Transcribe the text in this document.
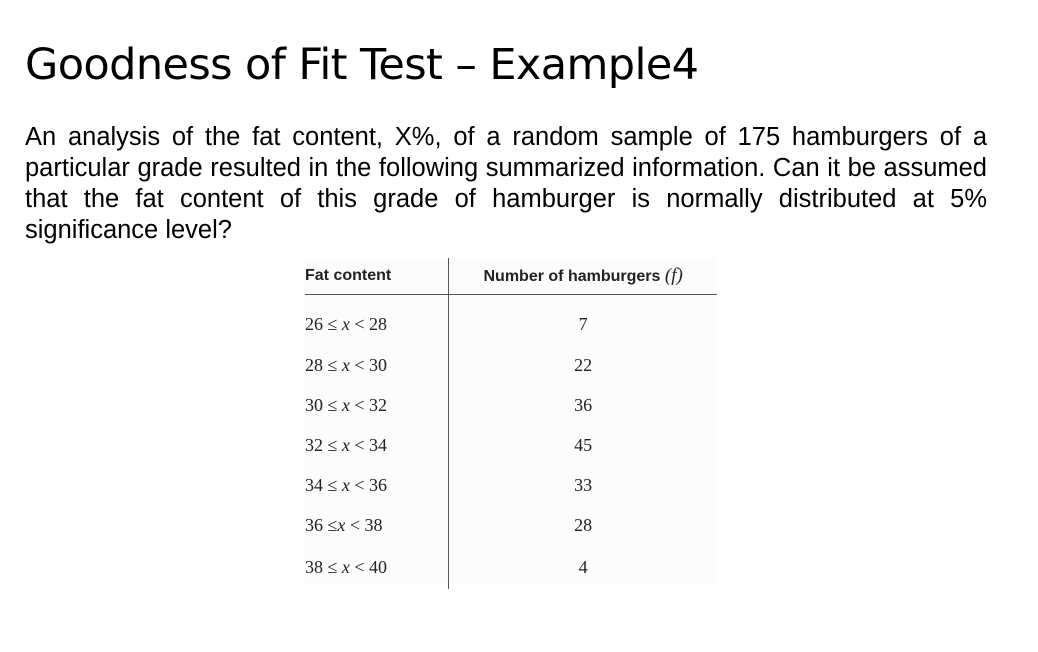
Goodness of Fit Test – Example4

An analysis of the fat content, X%, of a random sample of 175 hamburgers of a particular grade resulted in the following summarized information. Can it be assumed that the fat content of this grade of hamburger is normally distributed at 5% significance level?

Fat content	Number of hamburgers (f)
26 ≤ x < 28	7
28 ≤ x < 30	22
30 ≤ x < 32	36
32 ≤ x < 34	45
34 ≤ x < 36	33
36 ≤x < 38	28
38 ≤ x < 40	4
